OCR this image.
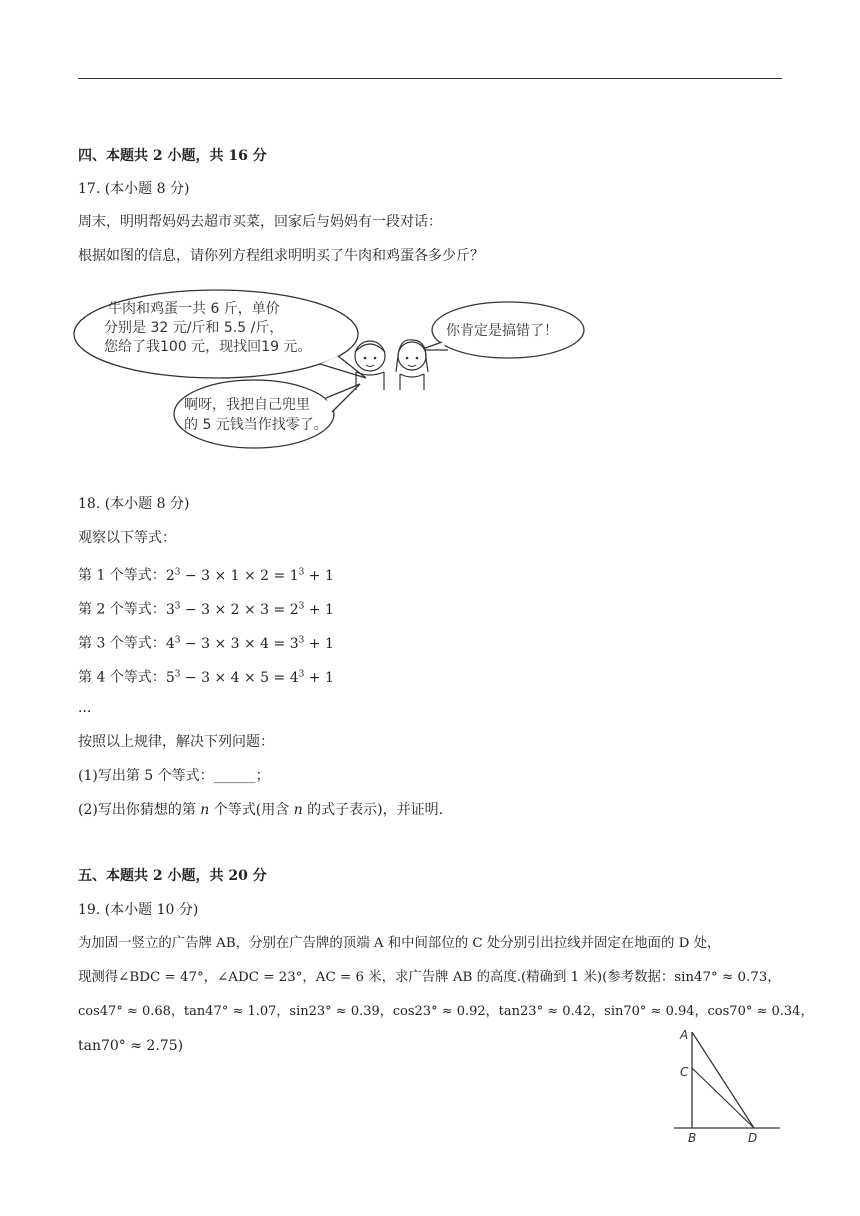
四、本题共 2 小题，共 16 分
17. (本小题 8 分)
周末，明明帮妈妈去超市买菜，回家后与妈妈有一段对话：
根据如图的信息，请你列方程组求明明买了牛肉和鸡蛋各多少斤？
牛肉和鸡蛋一共 6 斤，单价
分别是 32 元/斤和 5.5 /斤，
您给了我100 元，现找回19 元。
你肯定是搞错了！
啊呀，我把自己兜里
的 5 元钱当作找零了。
18. (本小题 8 分)
观察以下等式：
第 1 个等式：$2^3 - 3 \times 1 \times 2 = 1^3 + 1$
第 2 个等式：$3^3 - 3 \times 2 \times 3 = 2^3 + 1$
第 3 个等式：$4^3 - 3 \times 3 \times 4 = 3^3 + 1$
第 4 个等式：$5^3 - 3 \times 4 \times 5 = 4^3 + 1$
...
按照以上规律，解决下列问题：
(1)写出第 5 个等式：______；
(2)写出你猜想的第 n 个等式(用含 n 的式子表示)，并证明.
五、本题共 2 小题，共 20 分
19. (本小题 10 分)
为加固一竖立的广告牌 AB，分别在广告牌的顶端 A 和中间部位的 C 处分别引出拉线并固定在地面的 D 处，
现测得∠BDC = 47°，∠ADC = 23°，AC = 6 米，求广告牌 AB 的高度.(精确到 1 米)(参考数据：sin47° ≈ 0.73，
cos47° ≈ 0.68，tan47° ≈ 1.07，sin23° ≈ 0.39，cos23° ≈ 0.92，tan23° ≈ 0.42，sin70° ≈ 0.94，cos70° ≈ 0.34，
tan70° ≈ 2.75)
A
C
B	D
